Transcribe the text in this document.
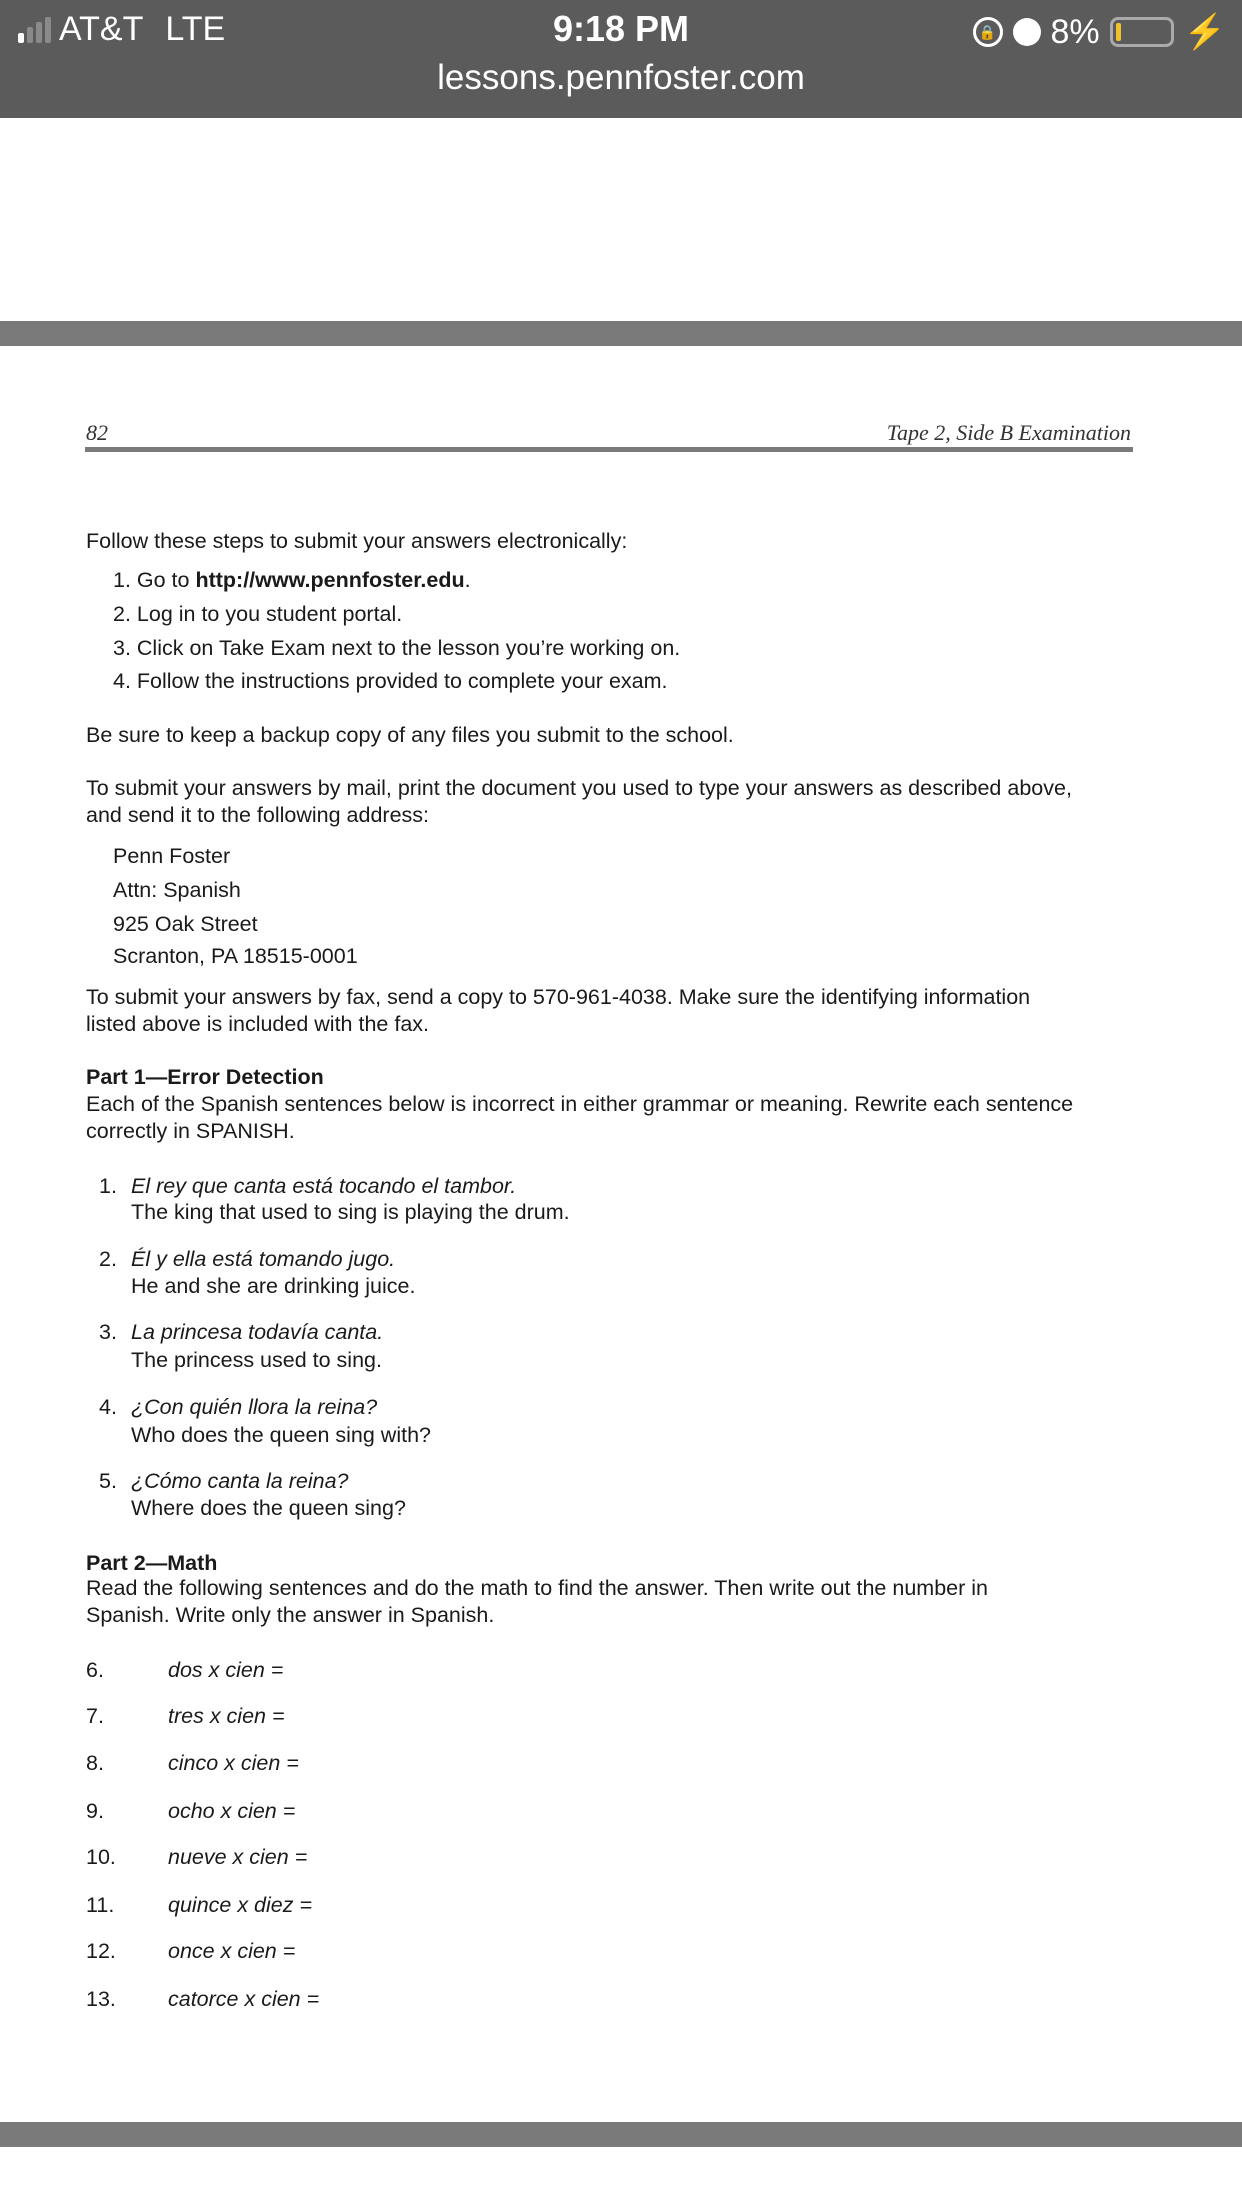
AT&T LTE	9:18 PM
lessons.pennfoster.com
🔒 8% ⚡
82	Tape 2, Side B Examination
Follow these steps to submit your answers electronically:
1. Go to http://www.pennfoster.edu.
2. Log in to you student portal.
3. Click on Take Exam next to the lesson you’re working on.
4. Follow the instructions provided to complete your exam.
Be sure to keep a backup copy of any files you submit to the school.
To submit your answers by mail, print the document you used to type your answers as described above,
and send it to the following address:
Penn Foster
Attn: Spanish
925 Oak Street
Scranton, PA 18515-0001
To submit your answers by fax, send a copy to 570-961-4038. Make sure the identifying information
listed above is included with the fax.
Part 1—Error Detection
Each of the Spanish sentences below is incorrect in either grammar or meaning. Rewrite each sentence
correctly in SPANISH.
1. El rey que canta está tocando el tambor.
The king that used to sing is playing the drum.
2. Él y ella está tomando jugo.
He and she are drinking juice.
3. La princesa todavía canta.
The princess used to sing.
4. ¿Con quién llora la reina?
Who does the queen sing with?
5. ¿Cómo canta la reina?
Where does the queen sing?
Part 2—Math
Read the following sentences and do the math to find the answer. Then write out the number in
Spanish. Write only the answer in Spanish.
6.	dos x cien =
7.	tres x cien =
8.	cinco x cien =
9.	ocho x cien =
10. nueve x cien =
11. quince x diez =
12. once x cien =
13. catorce x cien =
